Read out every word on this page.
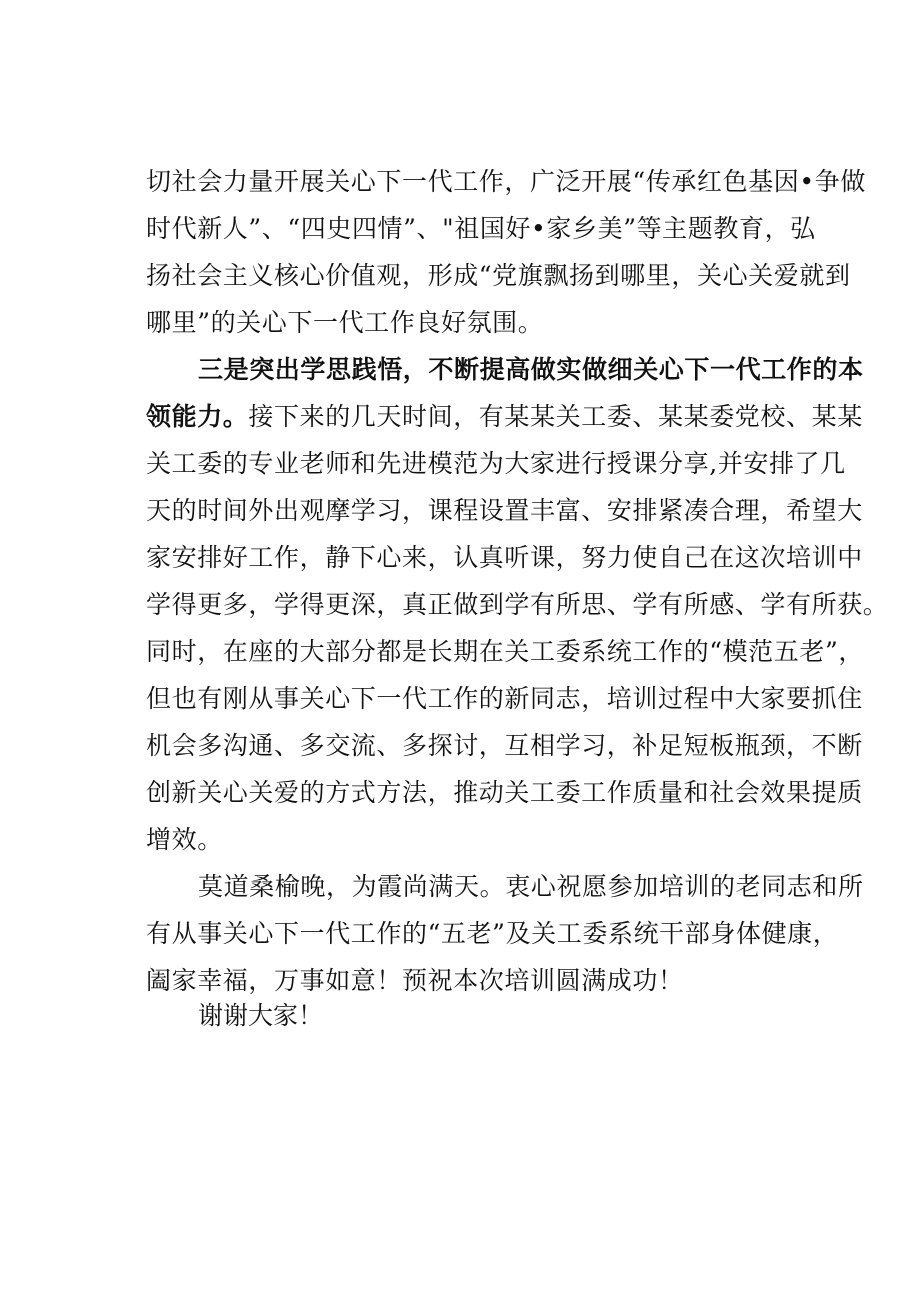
切社会力量开展关心下一代工作，广泛开展“传承红色基因•争做
时代新人”、“四史四情”、"祖国好•家乡美”等主题教育，弘
扬社会主义核心价值观，形成“党旗飘扬到哪里，关心关爱就到
哪里”的关心下一代工作良好氛围。
三是突出学思践悟，不断提高做实做细关心下一代工作的本
领能力。接下来的几天时间，有某某关工委、某某委党校、某某
关工委的专业老师和先进模范为大家进行授课分享,并安排了几
天的时间外出观摩学习，课程设置丰富、安排紧凑合理，希望大
家安排好工作，静下心来，认真听课，努力使自己在这次培训中
学得更多，学得更深，真正做到学有所思、学有所感、学有所获。
同时，在座的大部分都是长期在关工委系统工作的“模范五老”，
但也有刚从事关心下一代工作的新同志，培训过程中大家要抓住
机会多沟通、多交流、多探讨，互相学习，补足短板瓶颈，不断
创新关心关爱的方式方法，推动关工委工作质量和社会效果提质
增效。
莫道桑榆晚，为霞尚满天。衷心祝愿参加培训的老同志和所
有从事关心下一代工作的“五老”及关工委系统干部身体健康，
阖家幸福，万事如意！预祝本次培训圆满成功！
谢谢大家！
